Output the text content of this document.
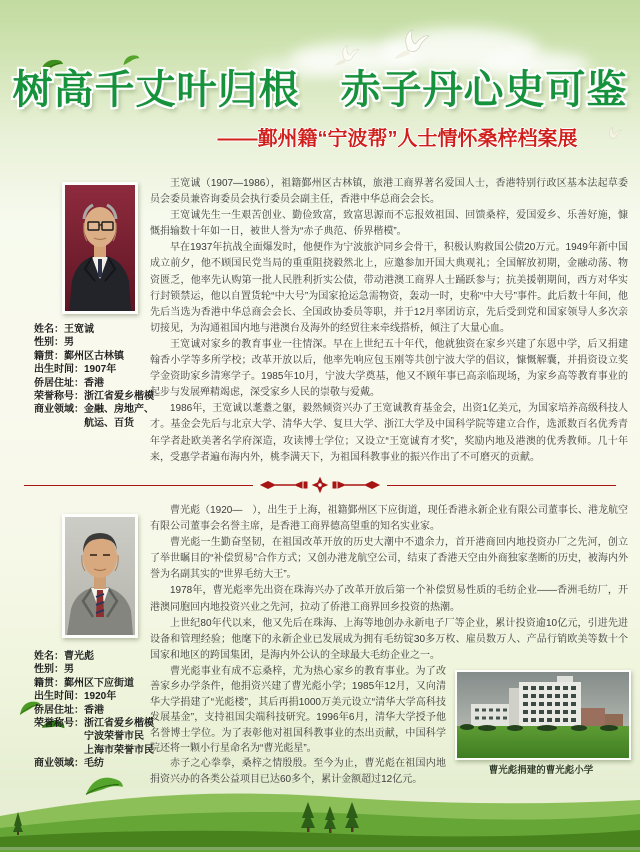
树高千丈叶归根　赤子丹心史可鉴
——鄞州籍“宁波帮”人士情怀桑梓档案展
姓名：王宽诚
性别：男
籍贯：鄞州区古林镇
出生时间：1907年
侨居住址：香港
荣誉称号：浙江省爱乡楷模
商业领域：金融、房地产、航运、百货

王宽诚（1907—1986），祖籍鄞州区古林镇，旅港工商界著名爱国人士，香港特别行政区基本法起草委员会委员兼咨询委员会执行委员会副主任，香港中华总商会会长。

王宽诚先生一生艰苦创业、勤俭致富，致富思源而不忘报效祖国、回馈桑梓，爱国爱乡、乐善好施，慷慨捐输数十年如一日，被世人誉为“赤子典范、侨界楷模”。

早在1937年抗战全面爆发时，他便作为宁波旅沪同乡会骨干，积极认购救国公债20万元。1949年新中国成立前夕，他不顾国民党当局的重重阻挠毅然北上，应邀参加开国大典观礼；全国解放初期，金融动荡、物资匮乏，他率先认购第一批人民胜利折实公债，带动港澳工商界人士踊跃参与；抗美援朝期间，西方对华实行封锁禁运，他以自置货轮“中大号”为国家抢运急需物资，轰动一时，史称“中大号”事件。此后数十年间，他先后当选为香港中华总商会会长、全国政协委员等职，并于12月率团访京，先后受到党和国家领导人多次亲切接见，为沟通祖国内地与港澳台及海外的经贸往来牵线搭桥，倾注了大量心血。

王宽诚对家乡的教育事业一往情深。早在上世纪五十年代，他就独资在家乡兴建了东恩中学，后又捐建翰香小学等多所学校；改革开放以后，他率先响应包玉刚等共创宁波大学的倡议，慷慨解囊，并捐资设立奖学金资助家乡清寒学子。1985年10月，宁波大学奠基，他又不顾年事已高亲临现场，为家乡高等教育事业的起步与发展殚精竭虑，深受家乡人民的崇敬与爱戴。

1986年，王宽诚以耄耋之躯，毅然倾资兴办了王宽诚教育基金会，出资1亿美元，为国家培养高级科技人才。基金会先后与北京大学、清华大学、复旦大学、浙江大学及中国科学院等建立合作，选派数百名优秀青年学者赴欧美著名学府深造，攻读博士学位；又设立“王宽诚育才奖”，奖励内地及港澳的优秀教师。几十年来，受惠学者遍布海内外，桃李满天下，为祖国科教事业的振兴作出了不可磨灭的贡献。

曹光彪（1920—　），出生于上海，祖籍鄞州区下应街道，现任香港永新企业有限公司董事长、港龙航空有限公司董事会名誉主席，是香港工商界德高望重的知名实业家。

曹光彪一生勤奋坚韧，在祖国改革开放的历史大潮中不遗余力，首开港商回内地投资办厂之先河，创立了举世瞩目的“补偿贸易”合作方式；又创办港龙航空公司，结束了香港天空由外商独家垄断的历史，被海内外誉为名副其实的“世界毛纺大王”。

1978年，曹光彪率先出资在珠海兴办了改革开放后第一个补偿贸易性质的毛纺企业——香洲毛纺厂，开港澳同胞回内地投资兴业之先河，拉动了侨港工商界回乡投资的热潮。

上世纪80年代以来，他又先后在珠海、上海等地创办永新电子厂等企业，累计投资逾10亿元，引进先进设备和管理经验；他麾下的永新企业已发展成为拥有毛纺锭30多万枚、雇员数万人、产品行销欧美等数十个国家和地区的跨国集团，是海内外公认的全球最大毛纺企业之一。

姓名：曹光彪
性别：男
籍贯：鄞州区下应街道
出生时间：1920年
侨居住址：香港
荣誉称号：浙江省爱乡楷模
宁波荣誉市民
上海市荣誉市民
商业领域：毛纺

曹光彪事业有成不忘桑梓，尤为热心家乡的教育事业。为了改善家乡办学条件，他捐资兴建了曹光彪小学；1985年12月，又向清华大学捐建了“光彪楼”，其后再捐1000万美元设立“清华大学高科技发展基金”，支持祖国尖端科技研究。1996年6月，清华大学授予他名誉博士学位。为了表彰他对祖国科教事业的杰出贡献，中国科学院还将一颗小行星命名为“曹光彪星”。

赤子之心拳拳，桑梓之情殷殷。至今为止，曹光彪在祖国内地捐资兴办的各类公益项目已达60多个，累计金额超过12亿元。

曹光彪捐建的曹光彪小学
